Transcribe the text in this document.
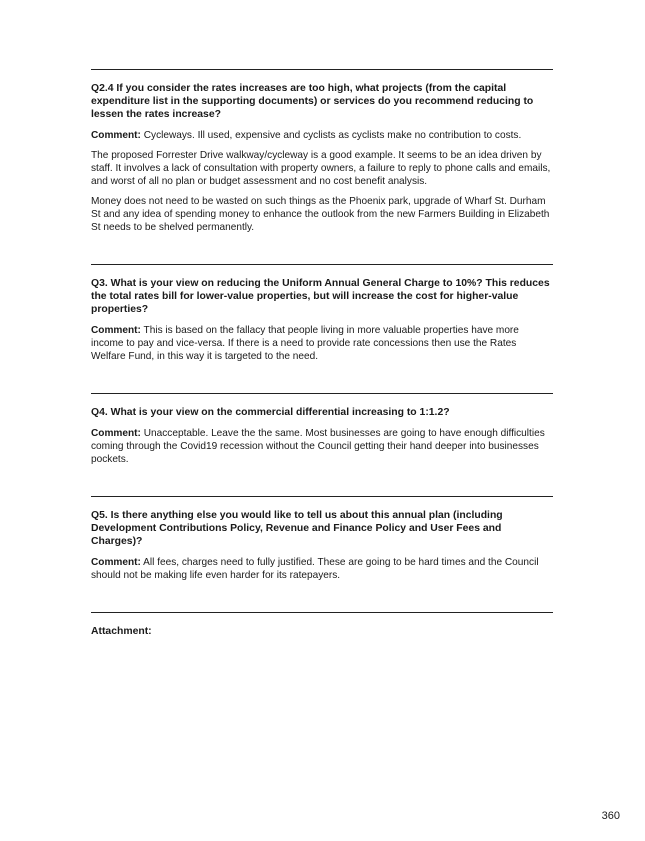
Q2.4 If you consider the rates increases are too high, what projects (from the capital expenditure list in the supporting documents) or services do you recommend reducing to lessen the rates increase?

Comment: Cycleways. Ill used, expensive and cyclists as cyclists make no contribution to costs.

The proposed Forrester Drive walkway/cycleway is a good example. It seems to be an idea driven by staff. It involves a lack of consultation with property owners, a failure to reply to phone calls and emails, and worst of all no plan or budget assessment and no cost benefit analysis.

Money does not need to be wasted on such things as the Phoenix park, upgrade of Wharf St. Durham St and any idea of spending money to enhance the outlook from the new Farmers Building in Elizabeth St needs to be shelved permanently.

Q3. What is your view on reducing the Uniform Annual General Charge to 10%? This reduces the total rates bill for lower-value properties, but will increase the cost for higher-value properties?

Comment: This is based on the fallacy that people living in more valuable properties have more income to pay and vice-versa. If there is a need to provide rate concessions then use the Rates Welfare Fund, in this way it is targeted to the need.

Q4. What is your view on the commercial differential increasing to 1:1.2?

Comment: Unacceptable. Leave the the same. Most businesses are going to have enough difficulties coming through the Covid19 recession without the Council getting their hand deeper into businesses pockets.

Q5. Is there anything else you would like to tell us about this annual plan (including Development Contributions Policy, Revenue and Finance Policy and User Fees and Charges)?

Comment: All fees, charges need to fully justified. These are going to be hard times and the Council should not be making life even harder for its ratepayers.

Attachment:

360
